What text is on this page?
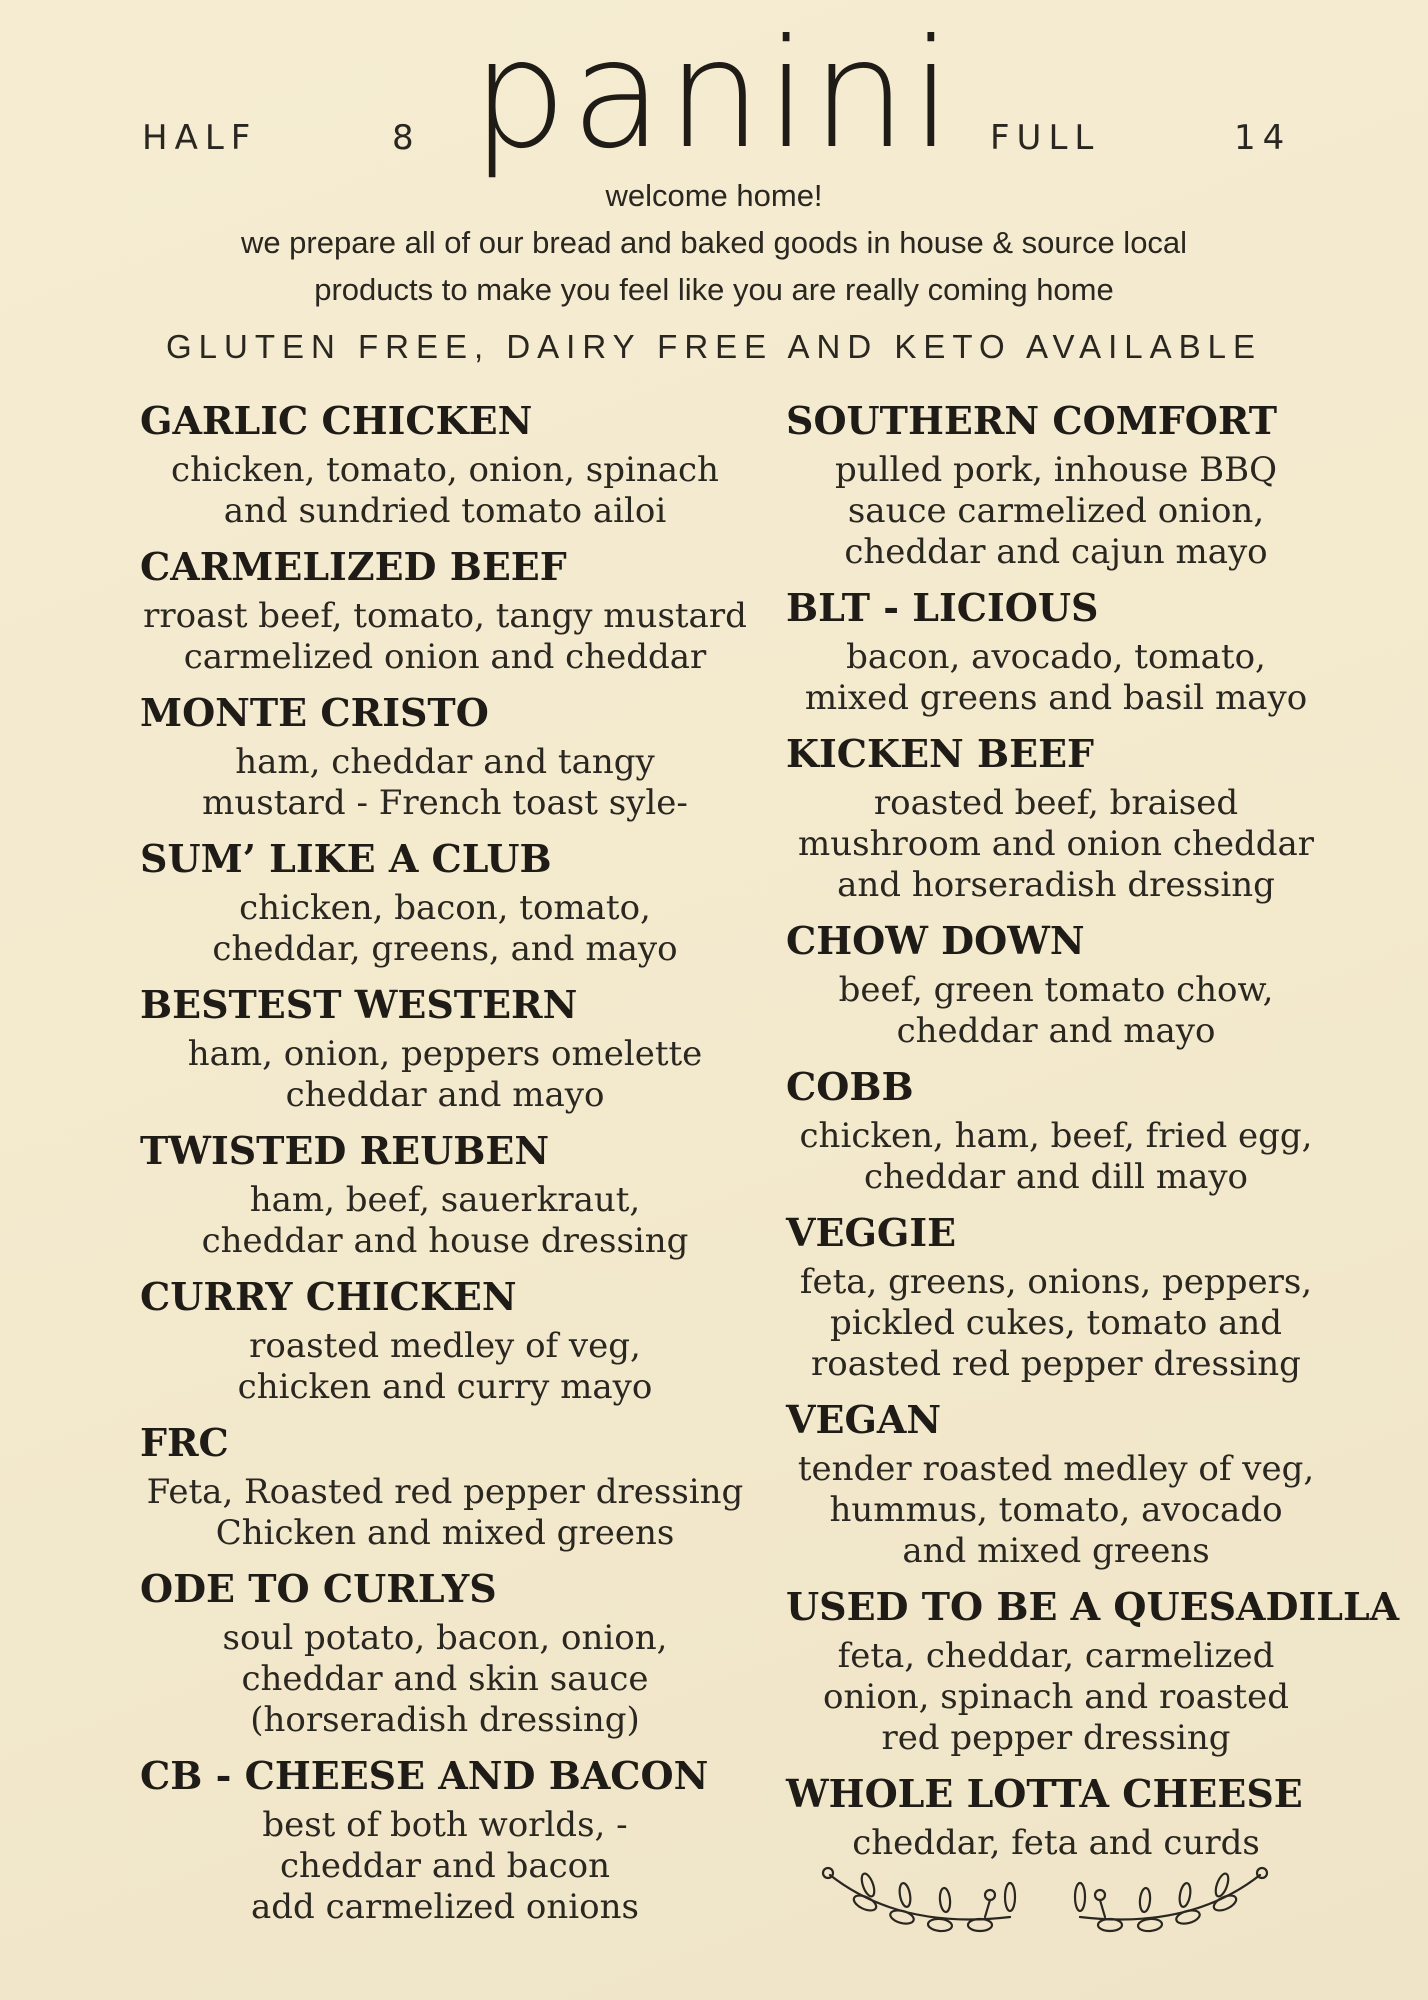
HALF	8 panini FULL	14
welcome home!
we prepare all of our bread and baked goods in house & source local
products to make you feel like you are really coming home
GLUTEN FREE, DAIRY FREE AND KETO AVAILABLE
GARLIC CHICKEN
chicken, tomato, onion, spinach
and sundried tomato ailoi
CARMELIZED BEEF
rroast beef, tomato, tangy mustard
carmelized onion and cheddar
MONTE CRISTO
ham, cheddar and tangy
mustard - French toast syle-
SUM’ LIKE A CLUB
chicken, bacon, tomato,
cheddar, greens, and mayo
BESTEST WESTERN
ham, onion, peppers omelette
cheddar and mayo
TWISTED REUBEN
ham, beef, sauerkraut,
cheddar and house dressing
CURRY CHICKEN
roasted medley of veg,
chicken and curry mayo
FRC
Feta, Roasted red pepper dressing
Chicken and mixed greens
ODE TO CURLYS
soul potato, bacon, onion,
cheddar and skin sauce
(horseradish dressing)
CB - CHEESE AND BACON
best of both worlds, -
cheddar and bacon
add carmelized onions
SOUTHERN COMFORT
pulled pork, inhouse BBQ
sauce carmelized onion,
cheddar and cajun mayo
BLT - LICIOUS
bacon, avocado, tomato,
mixed greens and basil mayo
KICKEN BEEF
roasted beef, braised
mushroom and onion cheddar
and horseradish dressing
CHOW DOWN
beef, green tomato chow,
cheddar and mayo
COBB
chicken, ham, beef, fried egg,
cheddar and dill mayo
VEGGIE
feta, greens, onions, peppers,
pickled cukes, tomato and
roasted red pepper dressing
VEGAN
tender roasted medley of veg,
hummus, tomato, avocado
and mixed greens
USED TO BE A QUESADILLA
feta, cheddar, carmelized
onion, spinach and roasted
red pepper dressing
WHOLE LOTTA CHEESE
cheddar, feta and curds
